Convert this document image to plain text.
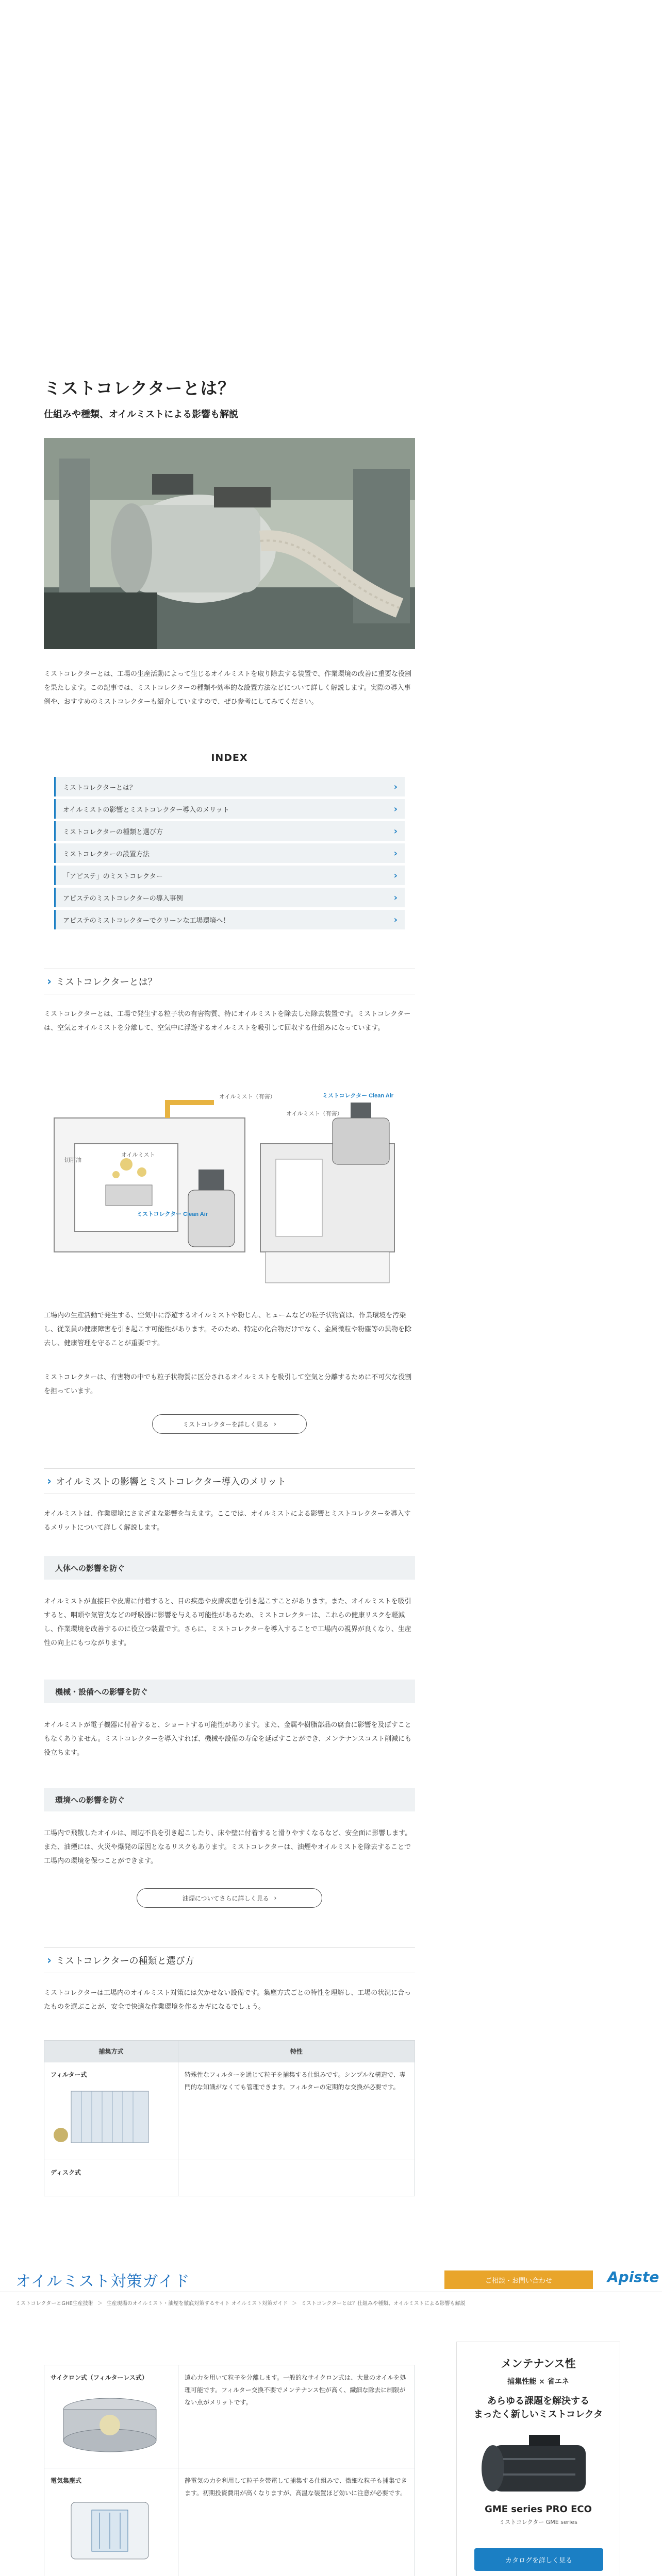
ミストコレクターとは？
仕組みや種類、オイルミストによる影響も解説

ミストコレクターとは、工場の生産活動によって生じるオイルミストを取り除去する装置で、作業環境の改善に重要な役割を果たします。この記事では、ミストコレクターの種類や効率的な設置方法などについて詳しく解説します。実際の導入事例や、おすすめのミストコレクターも紹介していますので、ぜひ参考にしてみてください。

INDEX
ミストコレクターとは？	›
オイルミストの影響とミストコレクター導入のメリット	›
ミストコレクターの種類と選び方	›
ミストコレクターの設置方法	›
「アピステ」のミストコレクター	›
アピステのミストコレクターの導入事例	›
アピステのミストコレクターでクリーンな工場環境へ！	›
› ミストコレクターとは？

ミストコレクターとは、工場で発生する粒子状の有害物質、特にオイルミストを除去した除去装置です。ミストコレクターは、空気とオイルミストを分離して、空気中に浮遊するオイルミストを吸引して回収する仕組みになっています。

オイルミスト（有害）
オイルミスト（有害）
切削油
オイルミスト
ミストコレクター Clean Air
ミストコレクター Clean Air

工場内の生産活動で発生する、空気中に浮遊するオイルミストや粉じん、ヒュームなどの粒子状物質は、作業環境を汚染し、従業員の健康障害を引き起こす可能性があります。そのため、特定の化合物だけでなく、金属微粒や粉塵等の異物を除去し、健康管理を守ることが重要です。

ミストコレクターは、有害物の中でも粒子状物質に区分されるオイルミストを吸引して空気と分離するために不可欠な役割を担っています。

ミストコレクターを詳しく見る ›
› オイルミストの影響とミストコレクター導入のメリット

オイルミストは、作業環境にさまざまな影響を与えます。ここでは、オイルミストによる影響とミストコレクターを導入するメリットについて詳しく解説します。

人体への影響を防ぐ

オイルミストが直接目や皮膚に付着すると、目の疾患や皮膚疾患を引き起こすことがあります。また、オイルミストを吸引すると、咽頭や気管支などの呼吸器に影響を与える可能性があるため、ミストコレクターは、これらの健康リスクを軽減し、作業環境を改善するのに役立つ装置です。さらに、ミストコレクターを導入することで工場内の視界が良くなり、生産性の向上にもつながります。

機械・設備への影響を防ぐ

オイルミストが電子機器に付着すると、ショートする可能性があります。また、金属や樹脂部品の腐食に影響を及ぼすこともなくありません。ミストコレクターを導入すれば、機械や設備の寿命を延ばすことができ、メンテナンスコスト削減にも役立ちます。

環境への影響を防ぐ

工場内で飛散したオイルは、周辺不良を引き起こしたり、床や壁に付着すると滑りやすくなるなど、安全面に影響します。また、油煙には、火災や爆発の原因となるリスクもあります。ミストコレクターは、油煙やオイルミストを除去することで工場内の環境を保つことができます。

油煙についてさらに詳しく見る ›
› ミストコレクターの種類と選び方

ミストコレクターは工場内のオイルミスト対策には欠かせない設備です。集塵方式ごとの特性を理解し、工場の状況に合ったものを選ぶことが、安全で快適な作業環境を作るカギになるでしょう。

捕集方式	特性

フィルター式	特殊性なフィルターを通じて粒子を捕集する仕組みです。シンプルな構造で、専門的な知識がなくても管理できます。フィルターの定期的な交換が必要です。

ディスク式	

サイクロン式（フィルターレス式）	遠心力を用いて粒子を分離します。一般的なサイクロン式は、大量のオイルを処理可能です。フィルター交換不要でメンテナンス性が高く、繊細な除去に制限がない点がメリットです。

電気集塵式	静電気の力を利用して粒子を帯電して捕集する仕組みで、微細な粒子も捕集できます。初期投資費用が高くなりますが、高温な装置ほど効いに注意が必要です。

オイルミスト対策ガイド	ご相談・お問い合わせ	Apiste
ミストコレクターとGHE生産技術 ＞ 生産現場のオイルミスト・油煙を徹底対策するサイト オイルミスト対策ガイド ＞ ミストコレクターとは？仕組みや種類、オイルミストによる影響も解説
メンテナンス性
捕集性能 × 省エネ
あらゆる課題を解決する
まったく新しいミストコレクタ
GME series PRO ECO
ミストコレクター GME series
カタログを詳しく見る
